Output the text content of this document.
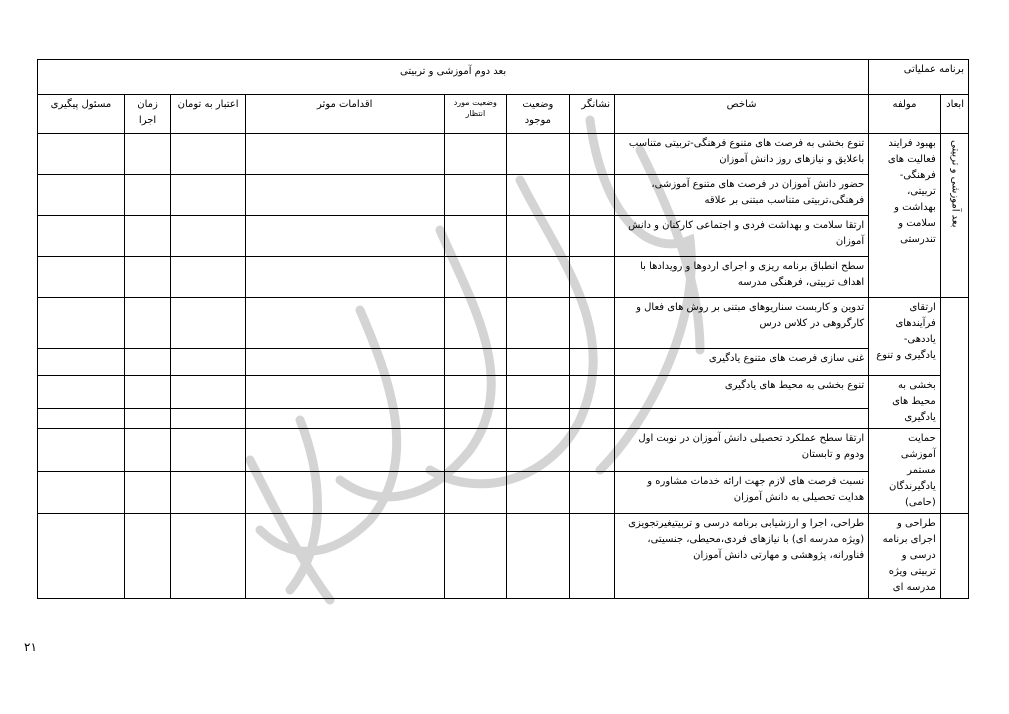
برنامه عملیاتی		بعد دوم آموزشی و تربیتی							
ابعاد	مولفه	شاخص	نشانگر	وضعیت موجود	وضعیت مورد انتظار	اقدامات موثر	اعتبار به تومان	زمان اجرا	مسئول پیگیری
بعد آموزشی و تربیتی	بهبود فرایند فعالیت های فرهنگی- تربیتی، بهداشت و سلامت و تندرستی	تنوع بخشی به فرصت های متنوع فرهنگی-تربیتی متناسب باعلایق و نیازهای روز دانش آموزان							
		حضور دانش آموزان در فرصت های متنوع آموزشی، فرهنگی،تربیتی متناسب مبتنی بر علاقه							
		ارتقا سلامت و بهداشت فردی و اجتماعی کارکنان و دانش آموزان							
		سطح انطباق برنامه ریزی و اجرای اردوها و رویدادها با اهداف تربیتی، فرهنگی مدرسه							
	ارتقای فرآیندهای یاددهی- یادگیری و تنوع	تدوین و کاربست سناریوهای مبتنی بر روش های فعال و کارگروهی در کلاس درس							
		غنی سازی فرصت های متنوع یادگیری							
	بخشی به محیط های یادگیری	تنوع بخشی به محیط های یادگیری							

	حمایت آموزشی مستمر یادگیرندگان (حامی)	ارتقا سطح عملکرد تحصیلی دانش آموزان در نوبت اول ودوم و تابستان							
		نسبت فرصت های لازم جهت ارائه خدمات مشاوره و هدایت تحصیلی به دانش آموزان							
	طراحی و اجرای برنامه درسی و تربیتی ویژه مدرسه ای	طراحی، اجرا و ارزشیابی برنامه درسی و تربیتیغیرتجویزی (ویژه مدرسه ای) با نیازهای فردی،محیطی، جنسیتی، فناورانه، پژوهشی و مهارتی دانش آموزان							
۲۱
